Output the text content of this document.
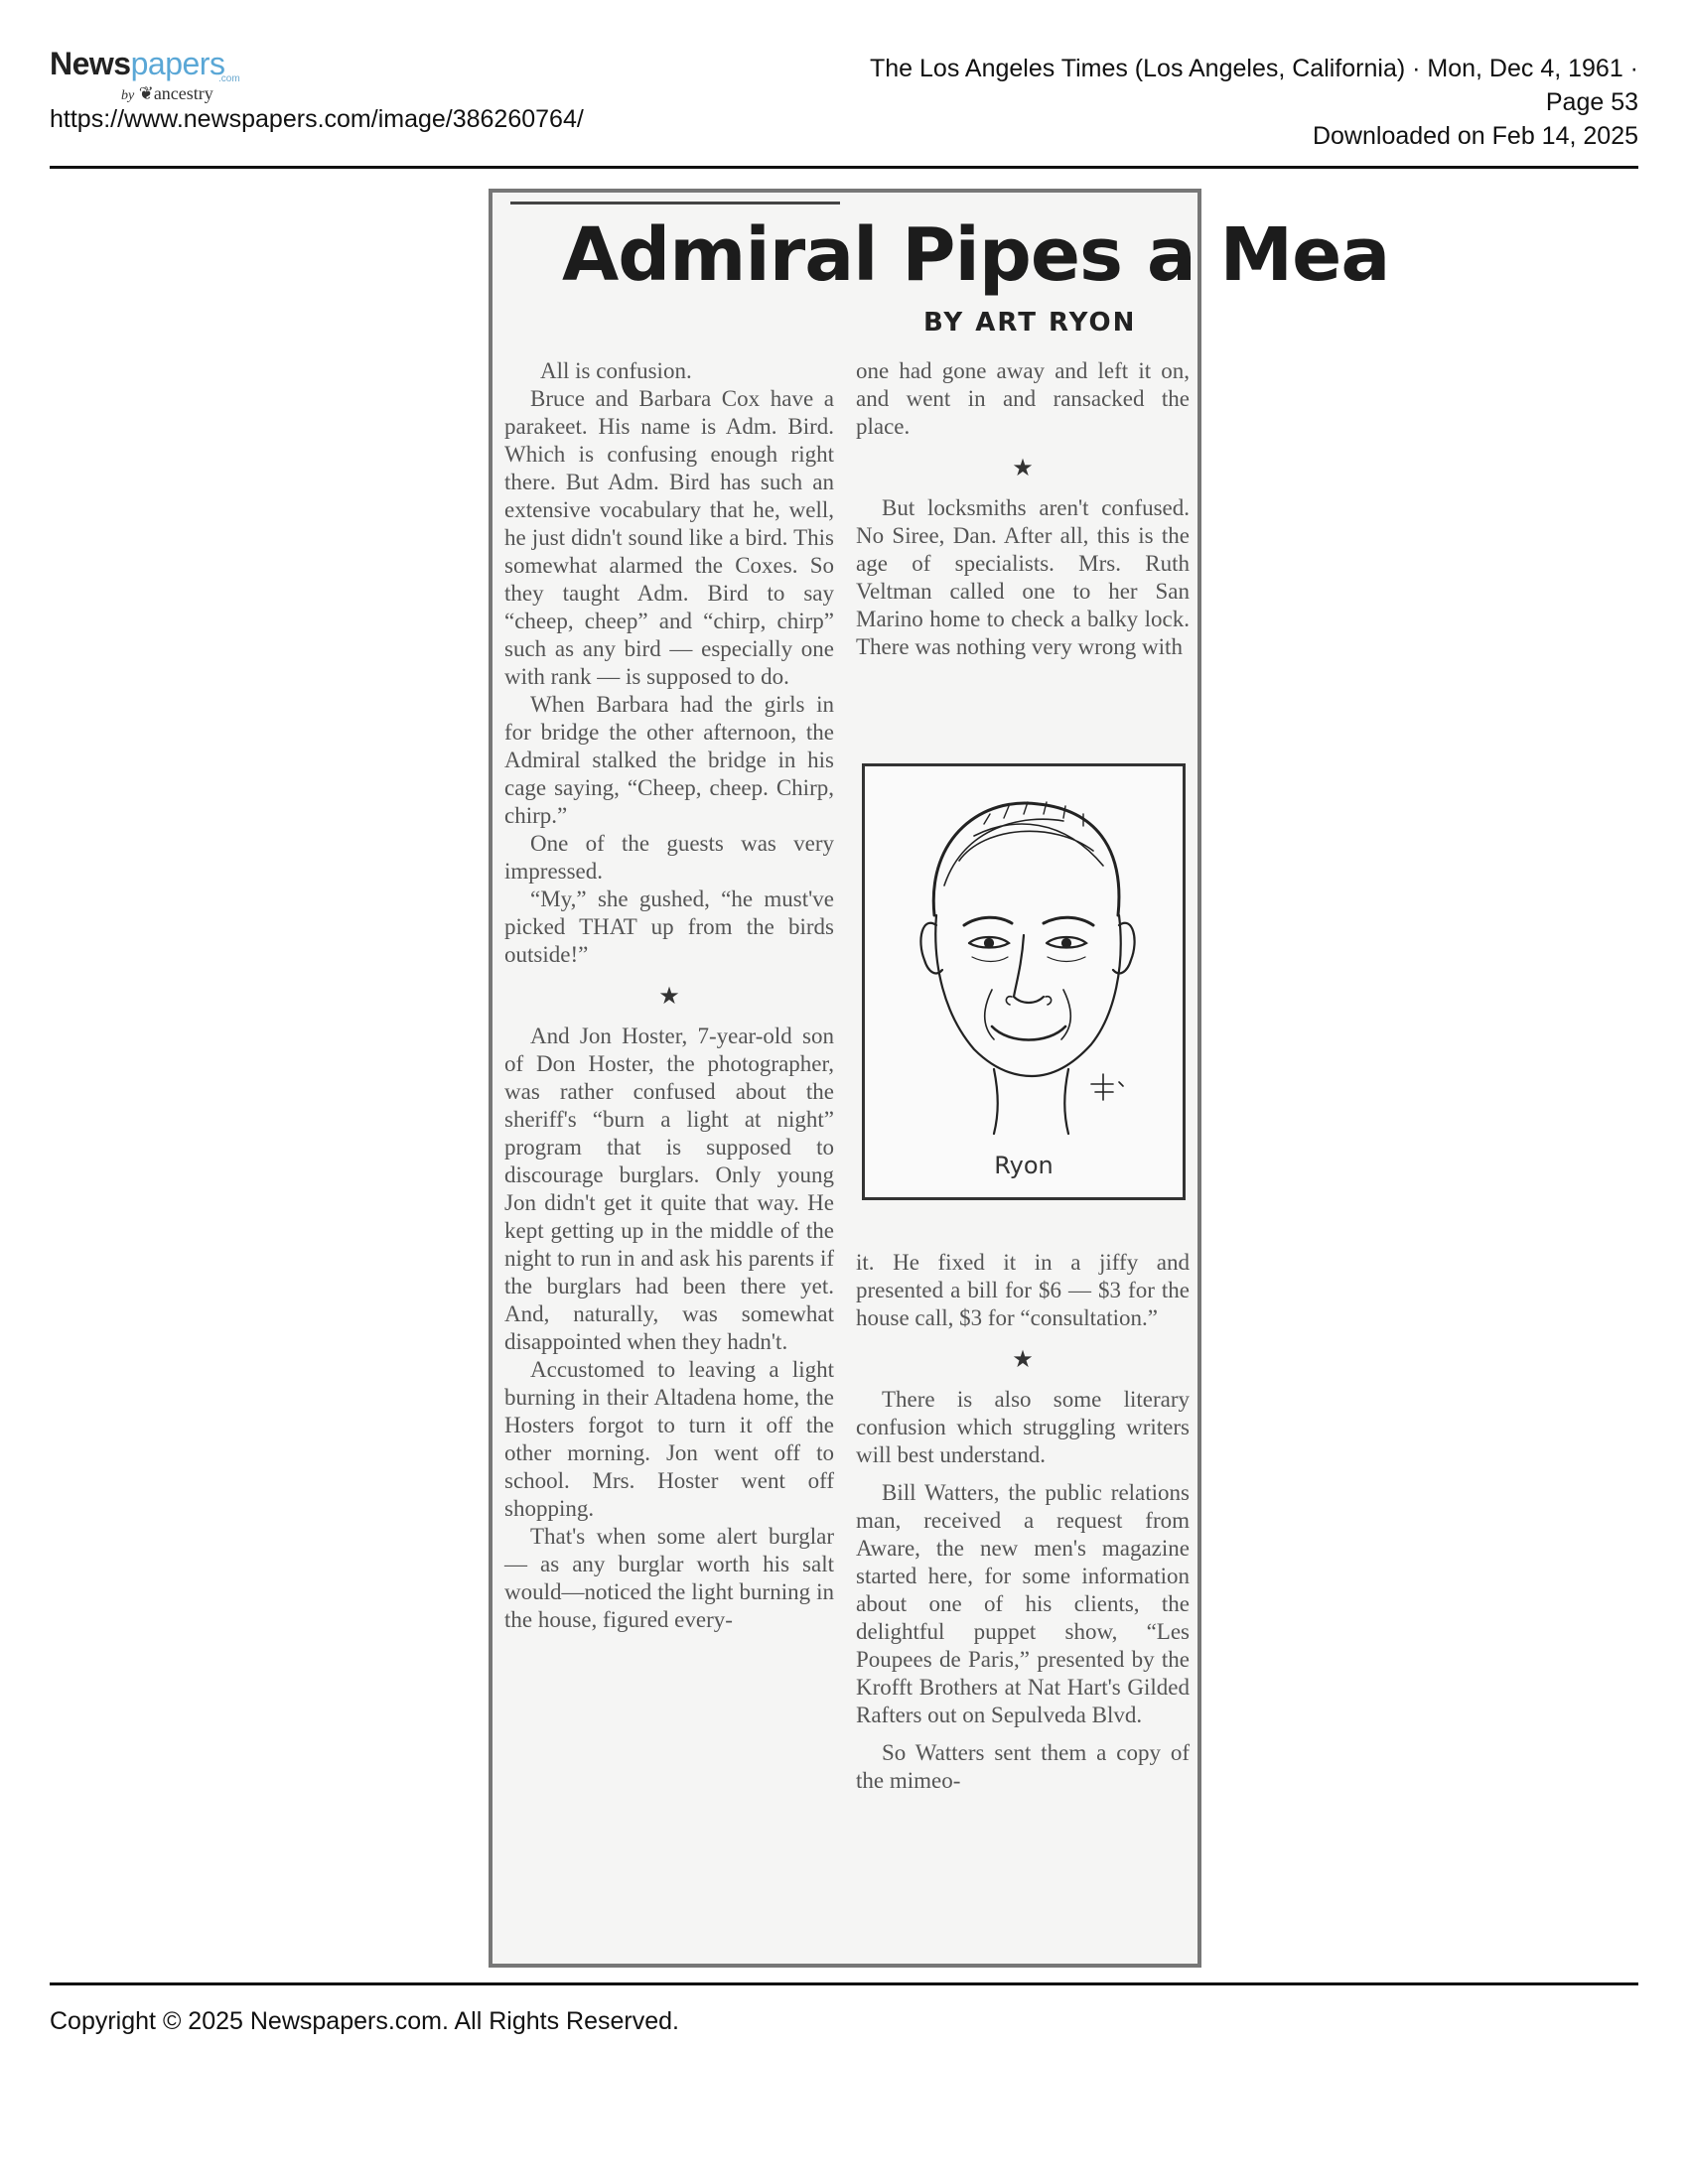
Newspapers
.com
by ❦ancestry
https://www.newspapers.com/image/386260764/
The Los Angeles Times (Los Angeles, California) · Mon, Dec 4, 1961 ·
Page 53
Downloaded on Feb 14, 2025
Admiral Pipes a Mea
BY ART RYON

All is confusion.

Bruce and Barbara Cox have a parakeet. His name is Adm. Bird. Which is confusing enough right there. But Adm. Bird has such an extensive vocabulary that he, well, he just didn't sound like a bird. This somewhat alarmed the Coxes. So they taught Adm. Bird to say “cheep, cheep” and “chirp, chirp” such as any bird — especially one with rank — is supposed to do.

When Barbara had the girls in for bridge the other afternoon, the Admiral stalked the bridge in his cage saying, “Cheep, cheep. Chirp, chirp.”

One of the guests was very impressed.

“My,” she gushed, “he must've picked THAT up from the birds outside!”

★

And Jon Hoster, 7-year-old son of Don Hoster, the photographer, was rather confused about the sheriff's “burn a light at night” program that is supposed to discourage burglars. Only young Jon didn't get it quite that way. He kept getting up in the middle of the night to run in and ask his parents if the burglars had been there yet. And, naturally, was somewhat disappointed when they hadn't.

Accustomed to leaving a light burning in their Altadena home, the Hosters forgot to turn it off the other morning. Jon went off to school. Mrs. Hoster went off shopping.

That's when some alert burglar — as any burglar worth his salt would—noticed the light burning in the house, figured every-

one had gone away and left it on, and went in and ransacked the place.

★

But locksmiths aren't confused. No Siree, Dan. After all, this is the age of specialists. Mrs. Ruth Veltman called one to her San Marino home to check a balky lock. There was nothing very wrong with

Ryon

it. He fixed it in a jiffy and presented a bill for $6 — $3 for the house call, $3 for “consultation.”

★

There is also some literary confusion which struggling writers will best understand.

Bill Watters, the public relations man, received a request from Aware, the new men's magazine started here, for some information about one of his clients, the delightful puppet show, “Les Poupees de Paris,” presented by the Krofft Brothers at Nat Hart's Gilded Rafters out on Sepulveda Blvd.

So Watters sent them a copy of the mimeo-

Copyright © 2025 Newspapers.com. All Rights Reserved.
